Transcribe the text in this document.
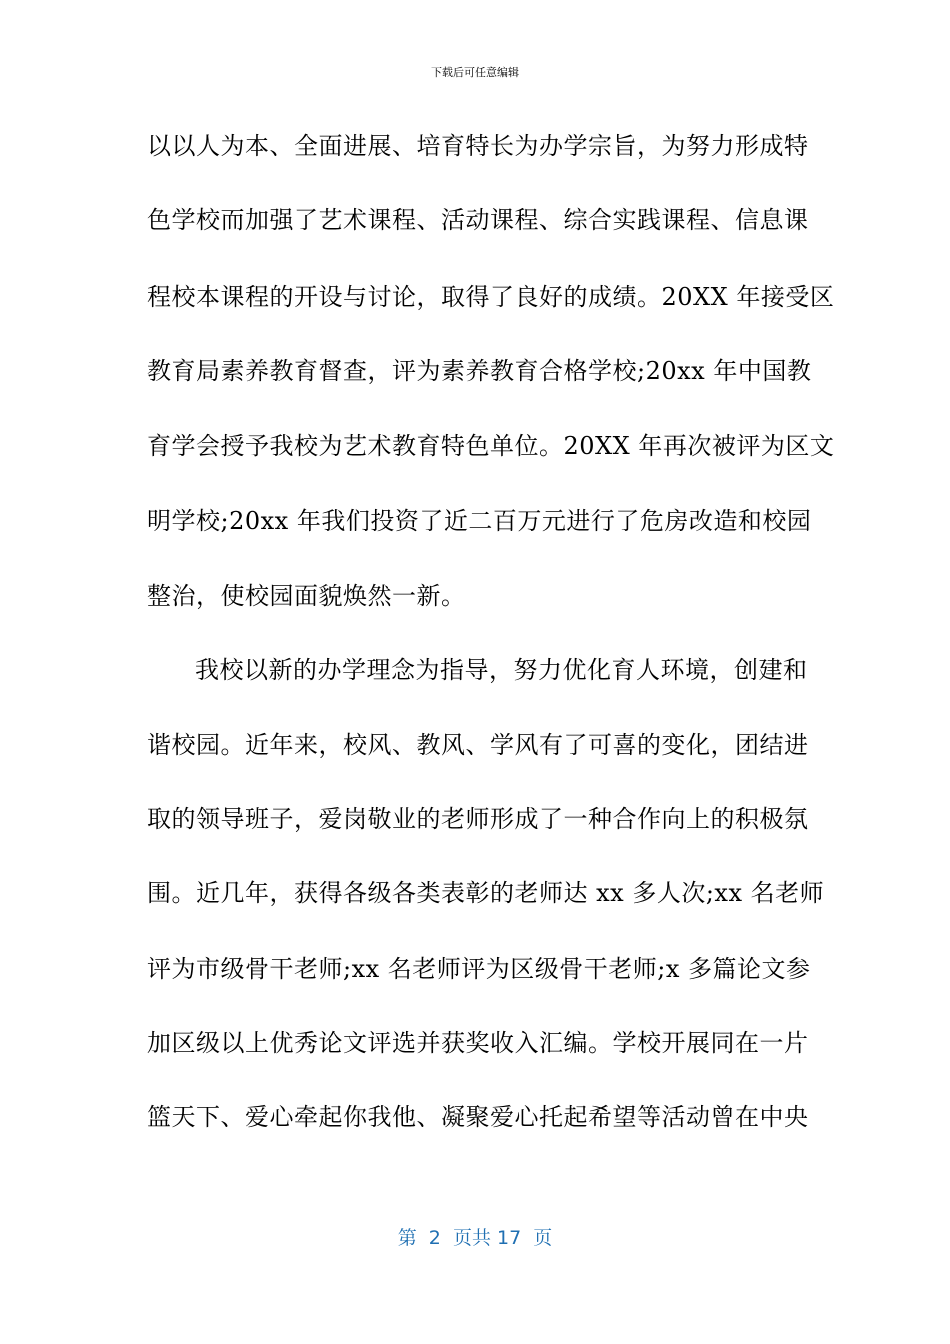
下载后可任意编辑
以以人为本、全面进展、培育特长为办学宗旨，为努力形成特
色学校而加强了艺术课程、活动课程、综合实践课程、信息课
程校本课程的开设与讨论，取得了良好的成绩。20XX 年接受区
教育局素养教育督查，评为素养教育合格学校;20xx 年中国教
育学会授予我校为艺术教育特色单位。20XX 年再次被评为区文
明学校;20xx 年我们投资了近二百万元进行了危房改造和校园
整治，使校园面貌焕然一新。
我校以新的办学理念为指导，努力优化育人环境，创建和
谐校园。近年来，校风、教风、学风有了可喜的变化，团结进
取的领导班子，爱岗敬业的老师形成了一种合作向上的积极氛
围。近几年，获得各级各类表彰的老师达 xx 多人次;xx 名老师
评为市级骨干老师;xx 名老师评为区级骨干老师;x 多篇论文参
加区级以上优秀论文评选并获奖收入汇编。学校开展同在一片
篮天下、爱心牵起你我他、凝聚爱心托起希望等活动曾在中央
第  2  页共 17  页
